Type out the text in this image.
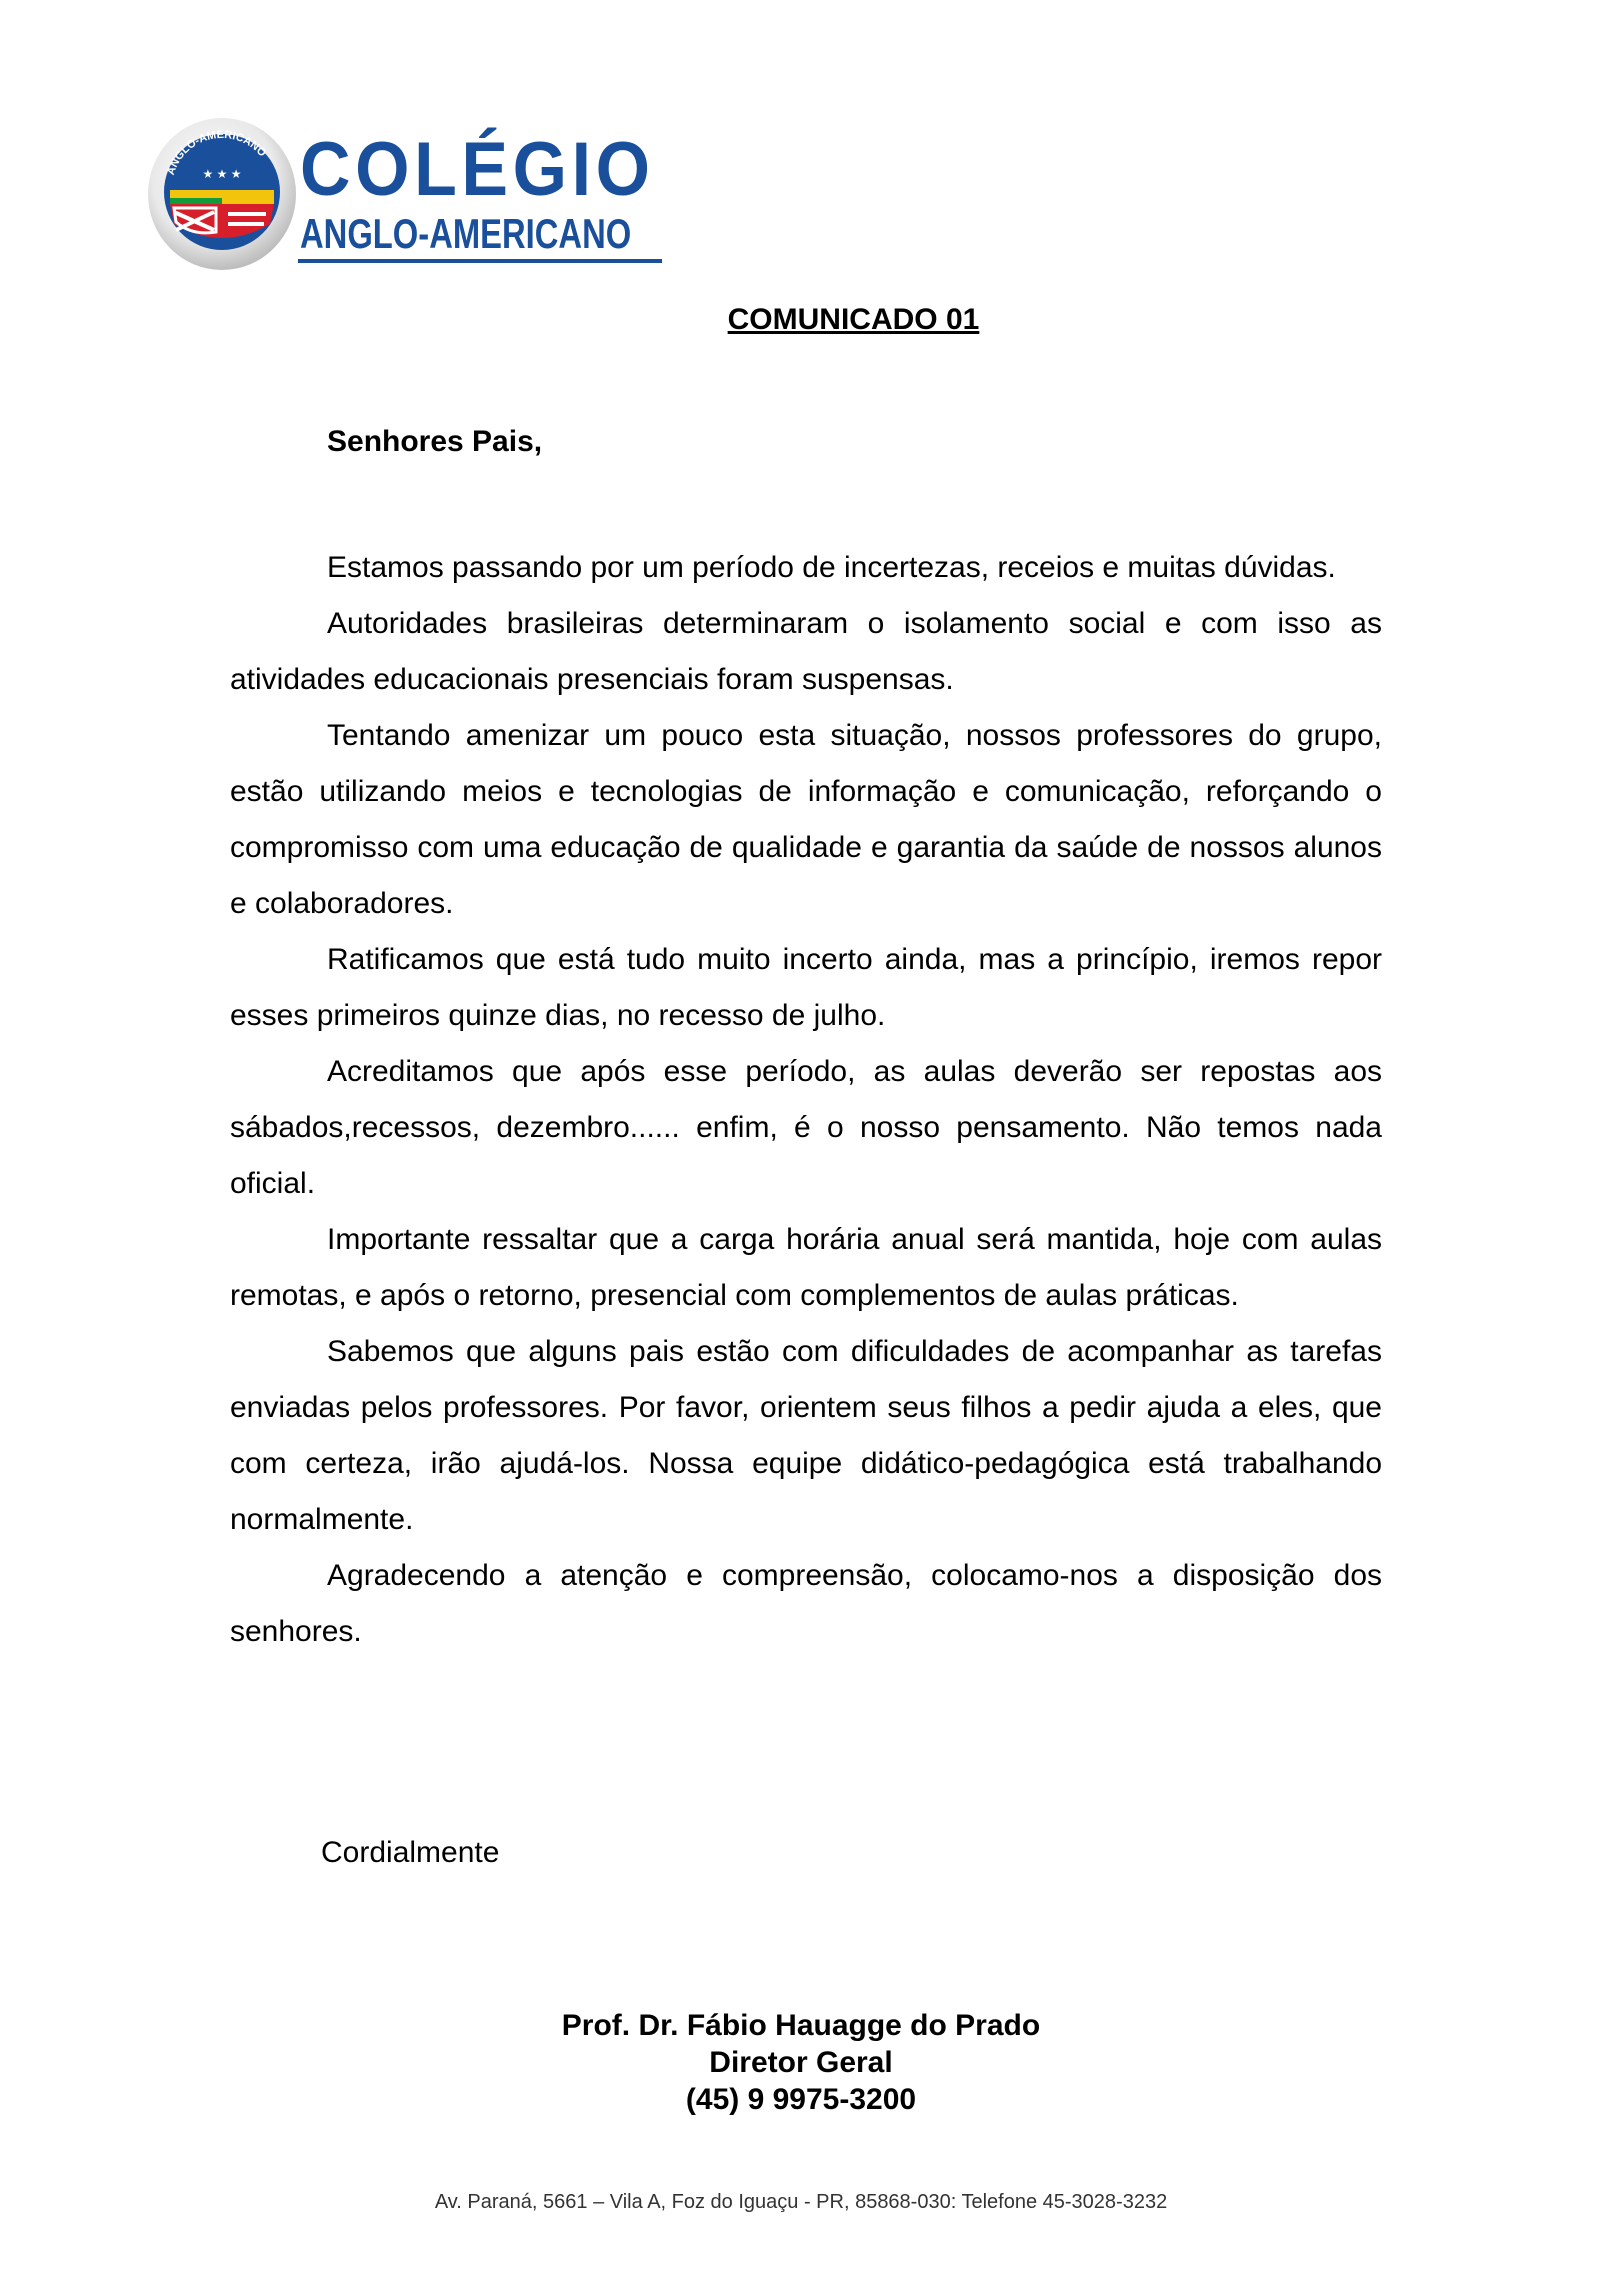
★ ★ ★
ANGLO-AMERICANO COLÉGIO
ANGLO-AMERICANO
COMUNICADO 01
Senhores Pais,

Estamos passando por um período de incertezas, receios e muitas dúvidas.

Autoridades brasileiras determinaram o isolamento social e com isso as atividades educacionais presenciais foram suspensas.

Tentando amenizar um pouco esta situação, nossos professores do grupo, estão utilizando meios e tecnologias de informação e comunicação, reforçando o compromisso com uma educação de qualidade e garantia da saúde de nossos alunos e colaboradores.

Ratificamos que está tudo muito incerto ainda, mas a princípio, iremos repor esses primeiros quinze dias, no recesso de julho.

Acreditamos que após esse período, as aulas deverão ser repostas aos sábados,recessos, dezembro...... enfim, é o nosso pensamento. Não temos nada oficial.

Importante ressaltar que a carga horária anual será mantida, hoje com aulas remotas, e após o retorno, presencial com complementos de aulas práticas.

Sabemos que alguns pais estão com dificuldades de acompanhar as tarefas enviadas pelos professores. Por favor, orientem seus filhos a pedir ajuda a eles, que com certeza, irão ajudá-los. Nossa equipe didático-pedagógica está trabalhando normalmente.

Agradecendo a atenção e compreensão, colocamo-nos a disposição dos senhores.

Cordialmente
Prof. Dr. Fábio Hauagge do Prado
Diretor Geral
(45) 9 9975-3200
Av. Paraná, 5661 – Vila A, Foz do Iguaçu - PR, 85868-030: Telefone 45-3028-3232
